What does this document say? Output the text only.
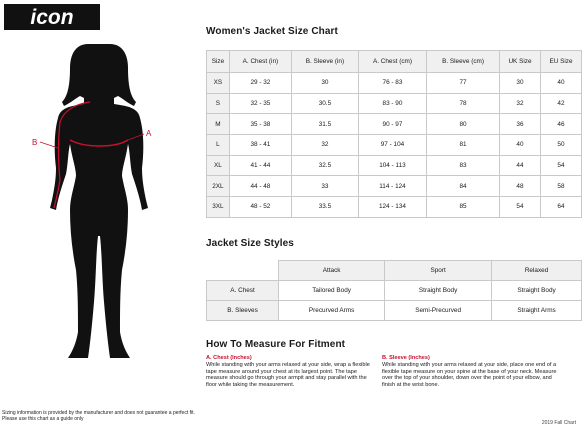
icon
A
B
Women's Jacket Size Chart
Size	A. Chest (in)	B. Sleeve (in)	A. Chest (cm)	B. Sleeve (cm)	UK Size	EU Size
XS	29 - 32	30	76 - 83	77	30	40
S	32 - 35	30.5	83 - 90	78	32	42
M	35 - 38	31.5	90 - 97	80	36	46
L	38 - 41	32	97 - 104	81	40	50
XL	41 - 44	32.5	104 - 113	83	44	54
2XL	44 - 48	33	114 - 124	84	48	58
3XL	48 - 52	33.5	124 - 134	85	54	64
Jacket Size Styles
	Attack	Sport	Relaxed
A. Chest	Tailored Body	Straight Body	Straight Body
B. Sleeves	Precurved Arms	Semi-Precurved	Straight Arms
How To Measure For Fitment
A. Chest (Inches)
While standing with your arms relaxed at your side, wrap a flexible tape measure around your chest at its largest point. The tape measure should go through your armpit and stay parallel with the floor while taking the measurement.
B. Sleeve (Inches)
While standing with your arms relaxed at your side, place one end of a flexible tape measure on your spine at the base of your neck. Measure over the top of your shoulder, down over the point of your elbow, and finish at the wrist bone.
Sizing information is provided by the manufacturer and does not guarantee a perfect fit.
Please use this chart as a guide only
2019 Fall Chart
